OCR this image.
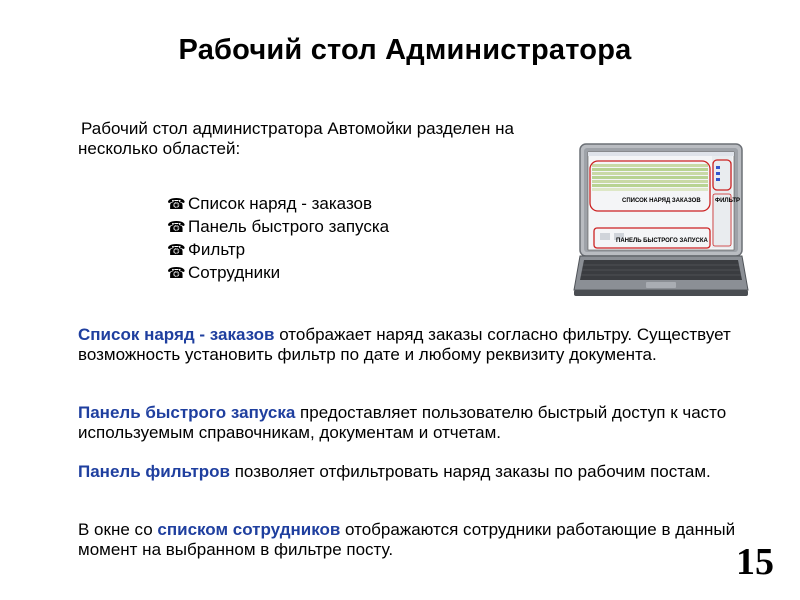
Рабочий стол Администратора
Рабочий стол администратора Автомойки разделен на несколько областей:
☎ Список наряд - заказов
☎ Панель быстрого запуска
☎ Фильтр
☎ Сотрудники
СПИСОК НАРЯД ЗАКАЗОВ
ПАНЕЛЬ БЫСТРОГО ЗАПУСКА
ФИЛЬТР
Список наряд - заказов отображает наряд заказы согласно фильтру. Существует возможность установить фильтр по дате и любому реквизиту документа.
Панель быстрого запуска предоставляет пользователю быстрый доступ к часто используемым справочникам, документам и отчетам.
Панель фильтров позволяет отфильтровать наряд заказы по рабочим постам.
В окне со списком сотрудников отображаются сотрудники работающие в данный момент на выбранном в фильтре посту.	15
